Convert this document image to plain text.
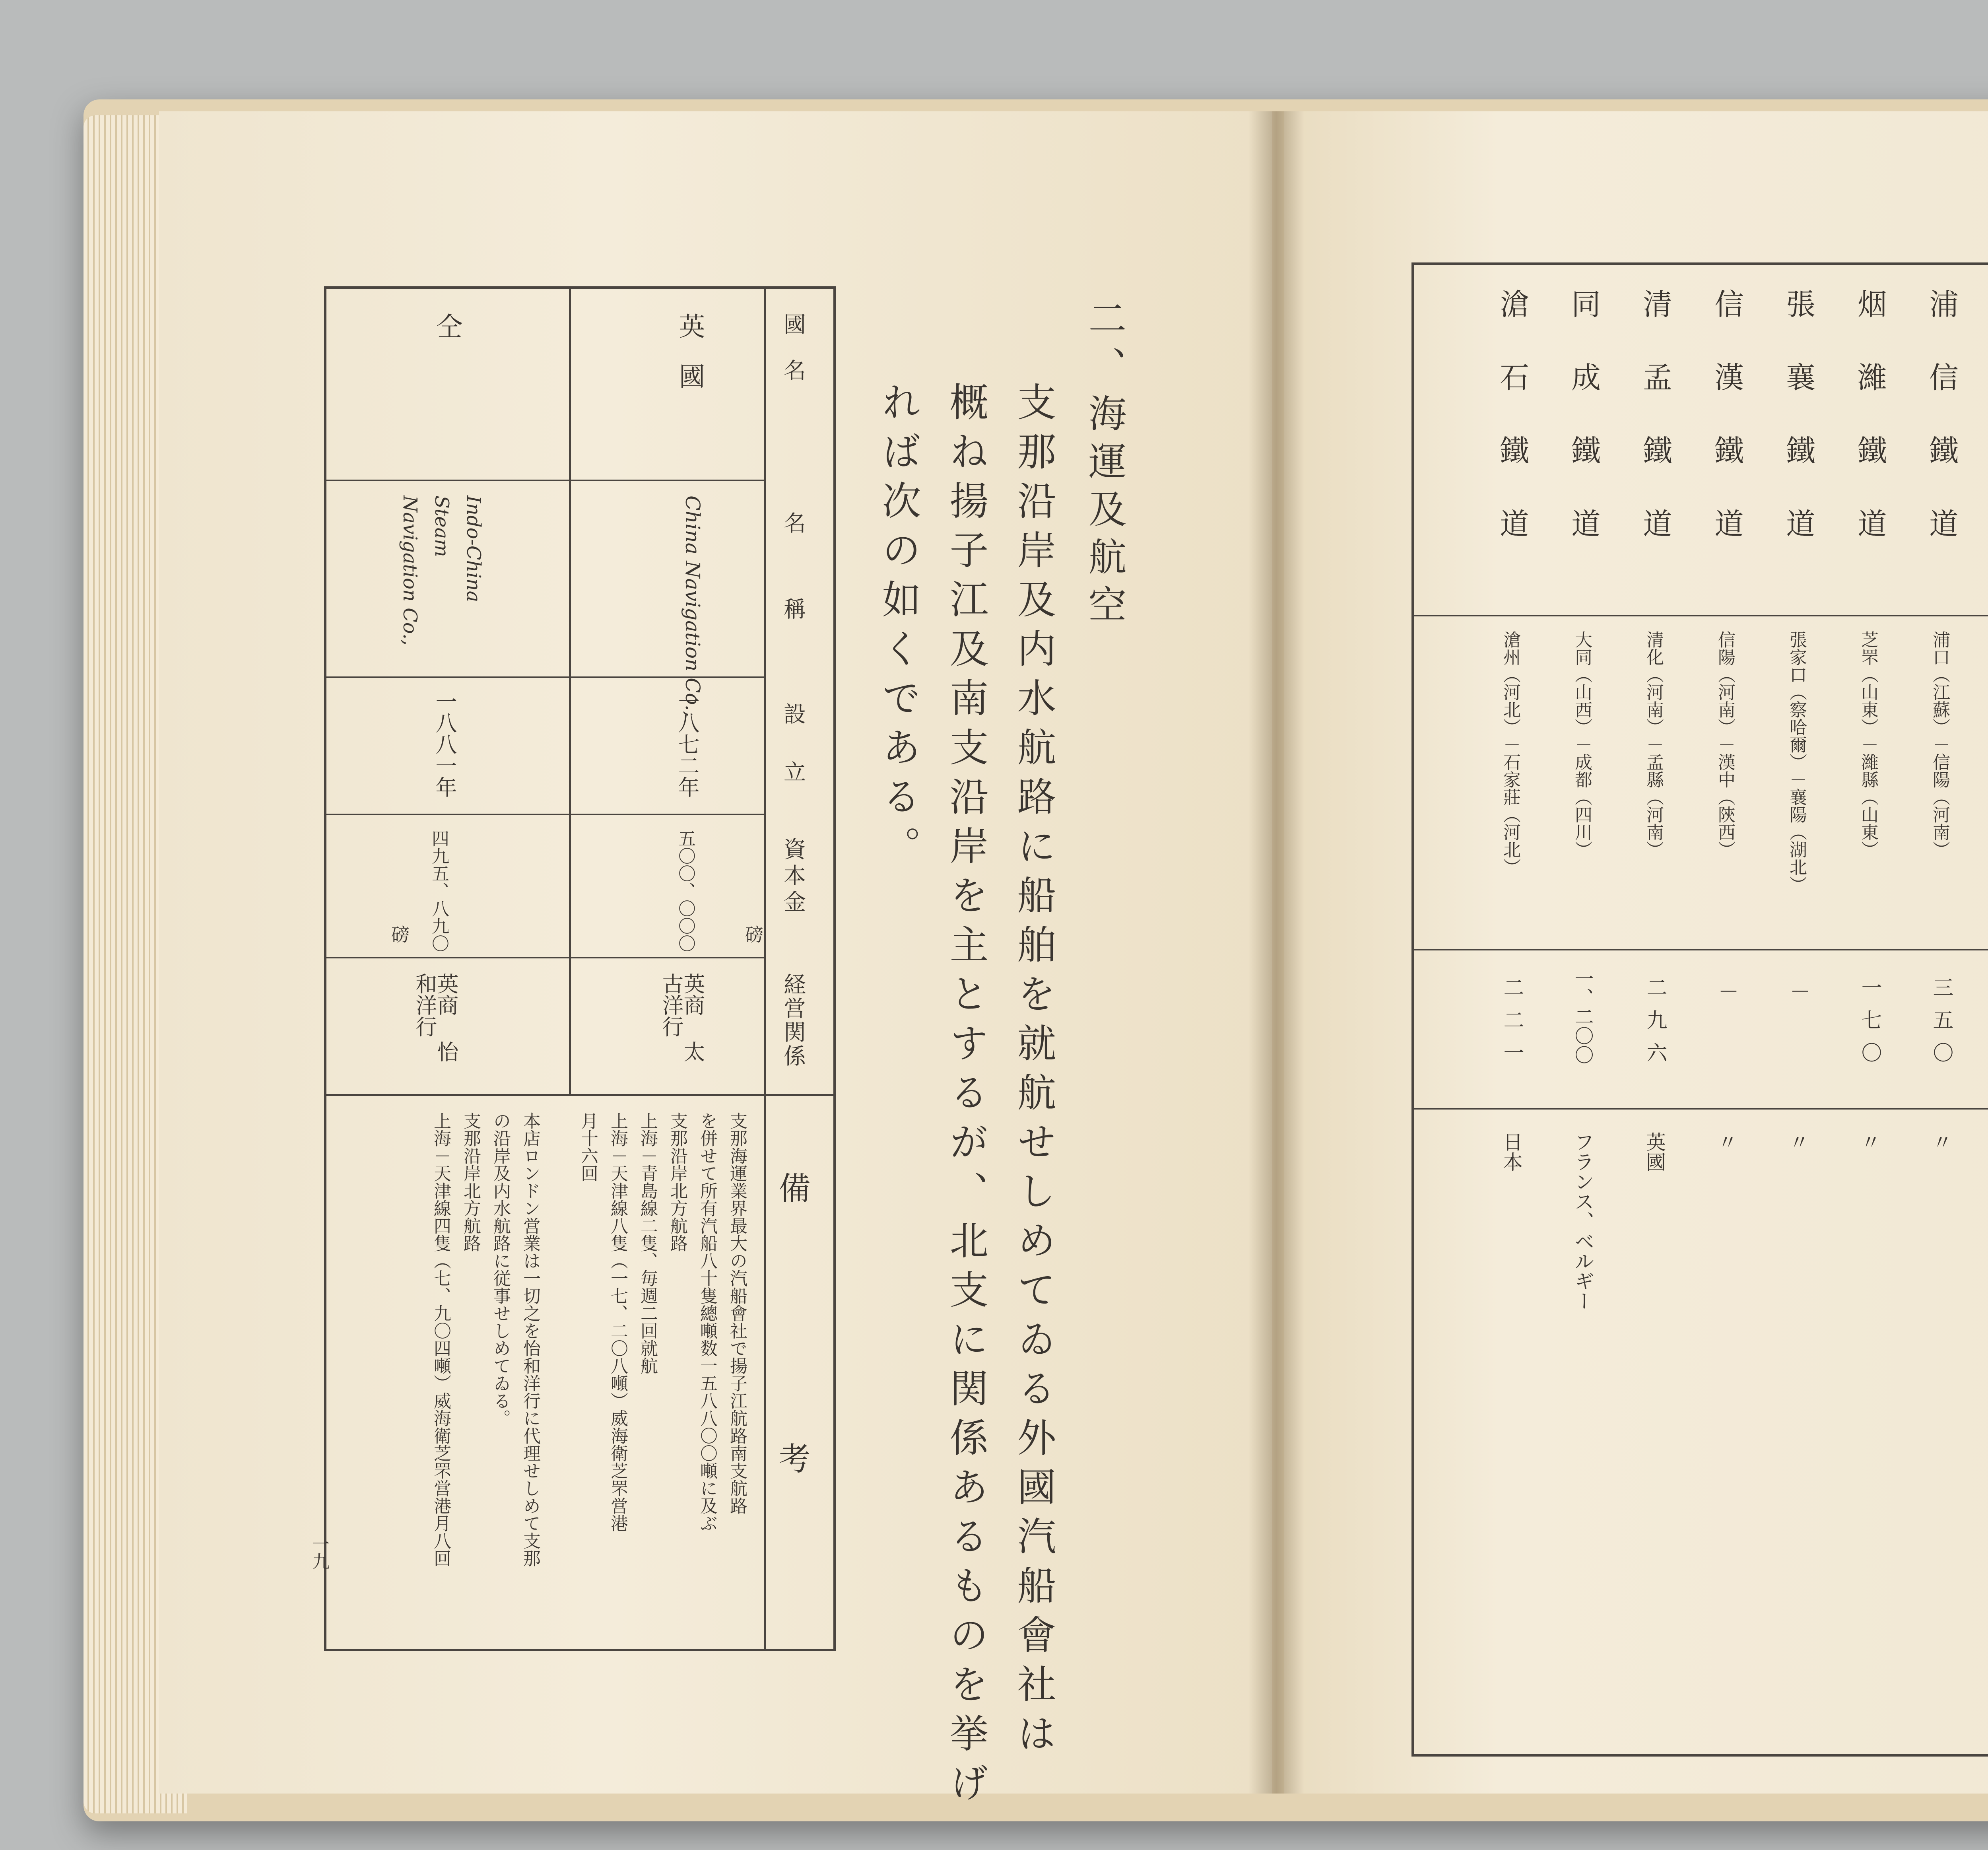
二、海運及航空
支那沿岸及内水航路に船舶を就航せしめてゐる外國汽船會社は
概ね揚子江及南支沿岸を主とするが、北支に関係あるものを挙げ
れば次の如くである。
國名
名稱
設立
資本金
経営関係
備考
磅
磅
英國
China Navigation Co.,
一八七二年
五〇〇、〇〇〇
英商 太古洋行
仝
Indo-China Steam Navigation Co.,
一八八一年
四九五、八九〇
英商 怡和洋行
支那海運業界最大の汽船會社で揚子江航路南支航路
を併せて所有汽船八十隻總噸数一五八八〇〇噸に及ぶ
支那沿岸北方航路
上海－青島線二隻、毎週二回就航
上海－天津線八隻（一七、二〇八噸）威海衛芝罘営港
月十六回
本店ロンドン営業は一切之を怡和洋行に代理せしめて支那
の沿岸及内水航路に従事せしめてゐる。
支那沿岸北方航路
上海－天津線四隻（七、九〇四噸）威海衛芝罘営港月八回
一九
浦信鐵道
浦口（江蘇）－信陽（河南）
三五〇
〃
烟濰鐵道
芝罘（山東）－濰縣（山東）
一七〇
〃
張襄鐵道
張家口（察哈爾）－襄陽（湖北）
－
〃
信漢鐵道
信陽（河南）－漢中（陝西）
－
〃
清孟鐵道
清化（河南）－孟縣（河南）
二九六
英國
同成鐵道
大同（山西）－成都（四川）
一、二〇〇
フランス、ベルギー
滄石鐵道
滄州（河北）－石家莊（河北）
二二一
日本
